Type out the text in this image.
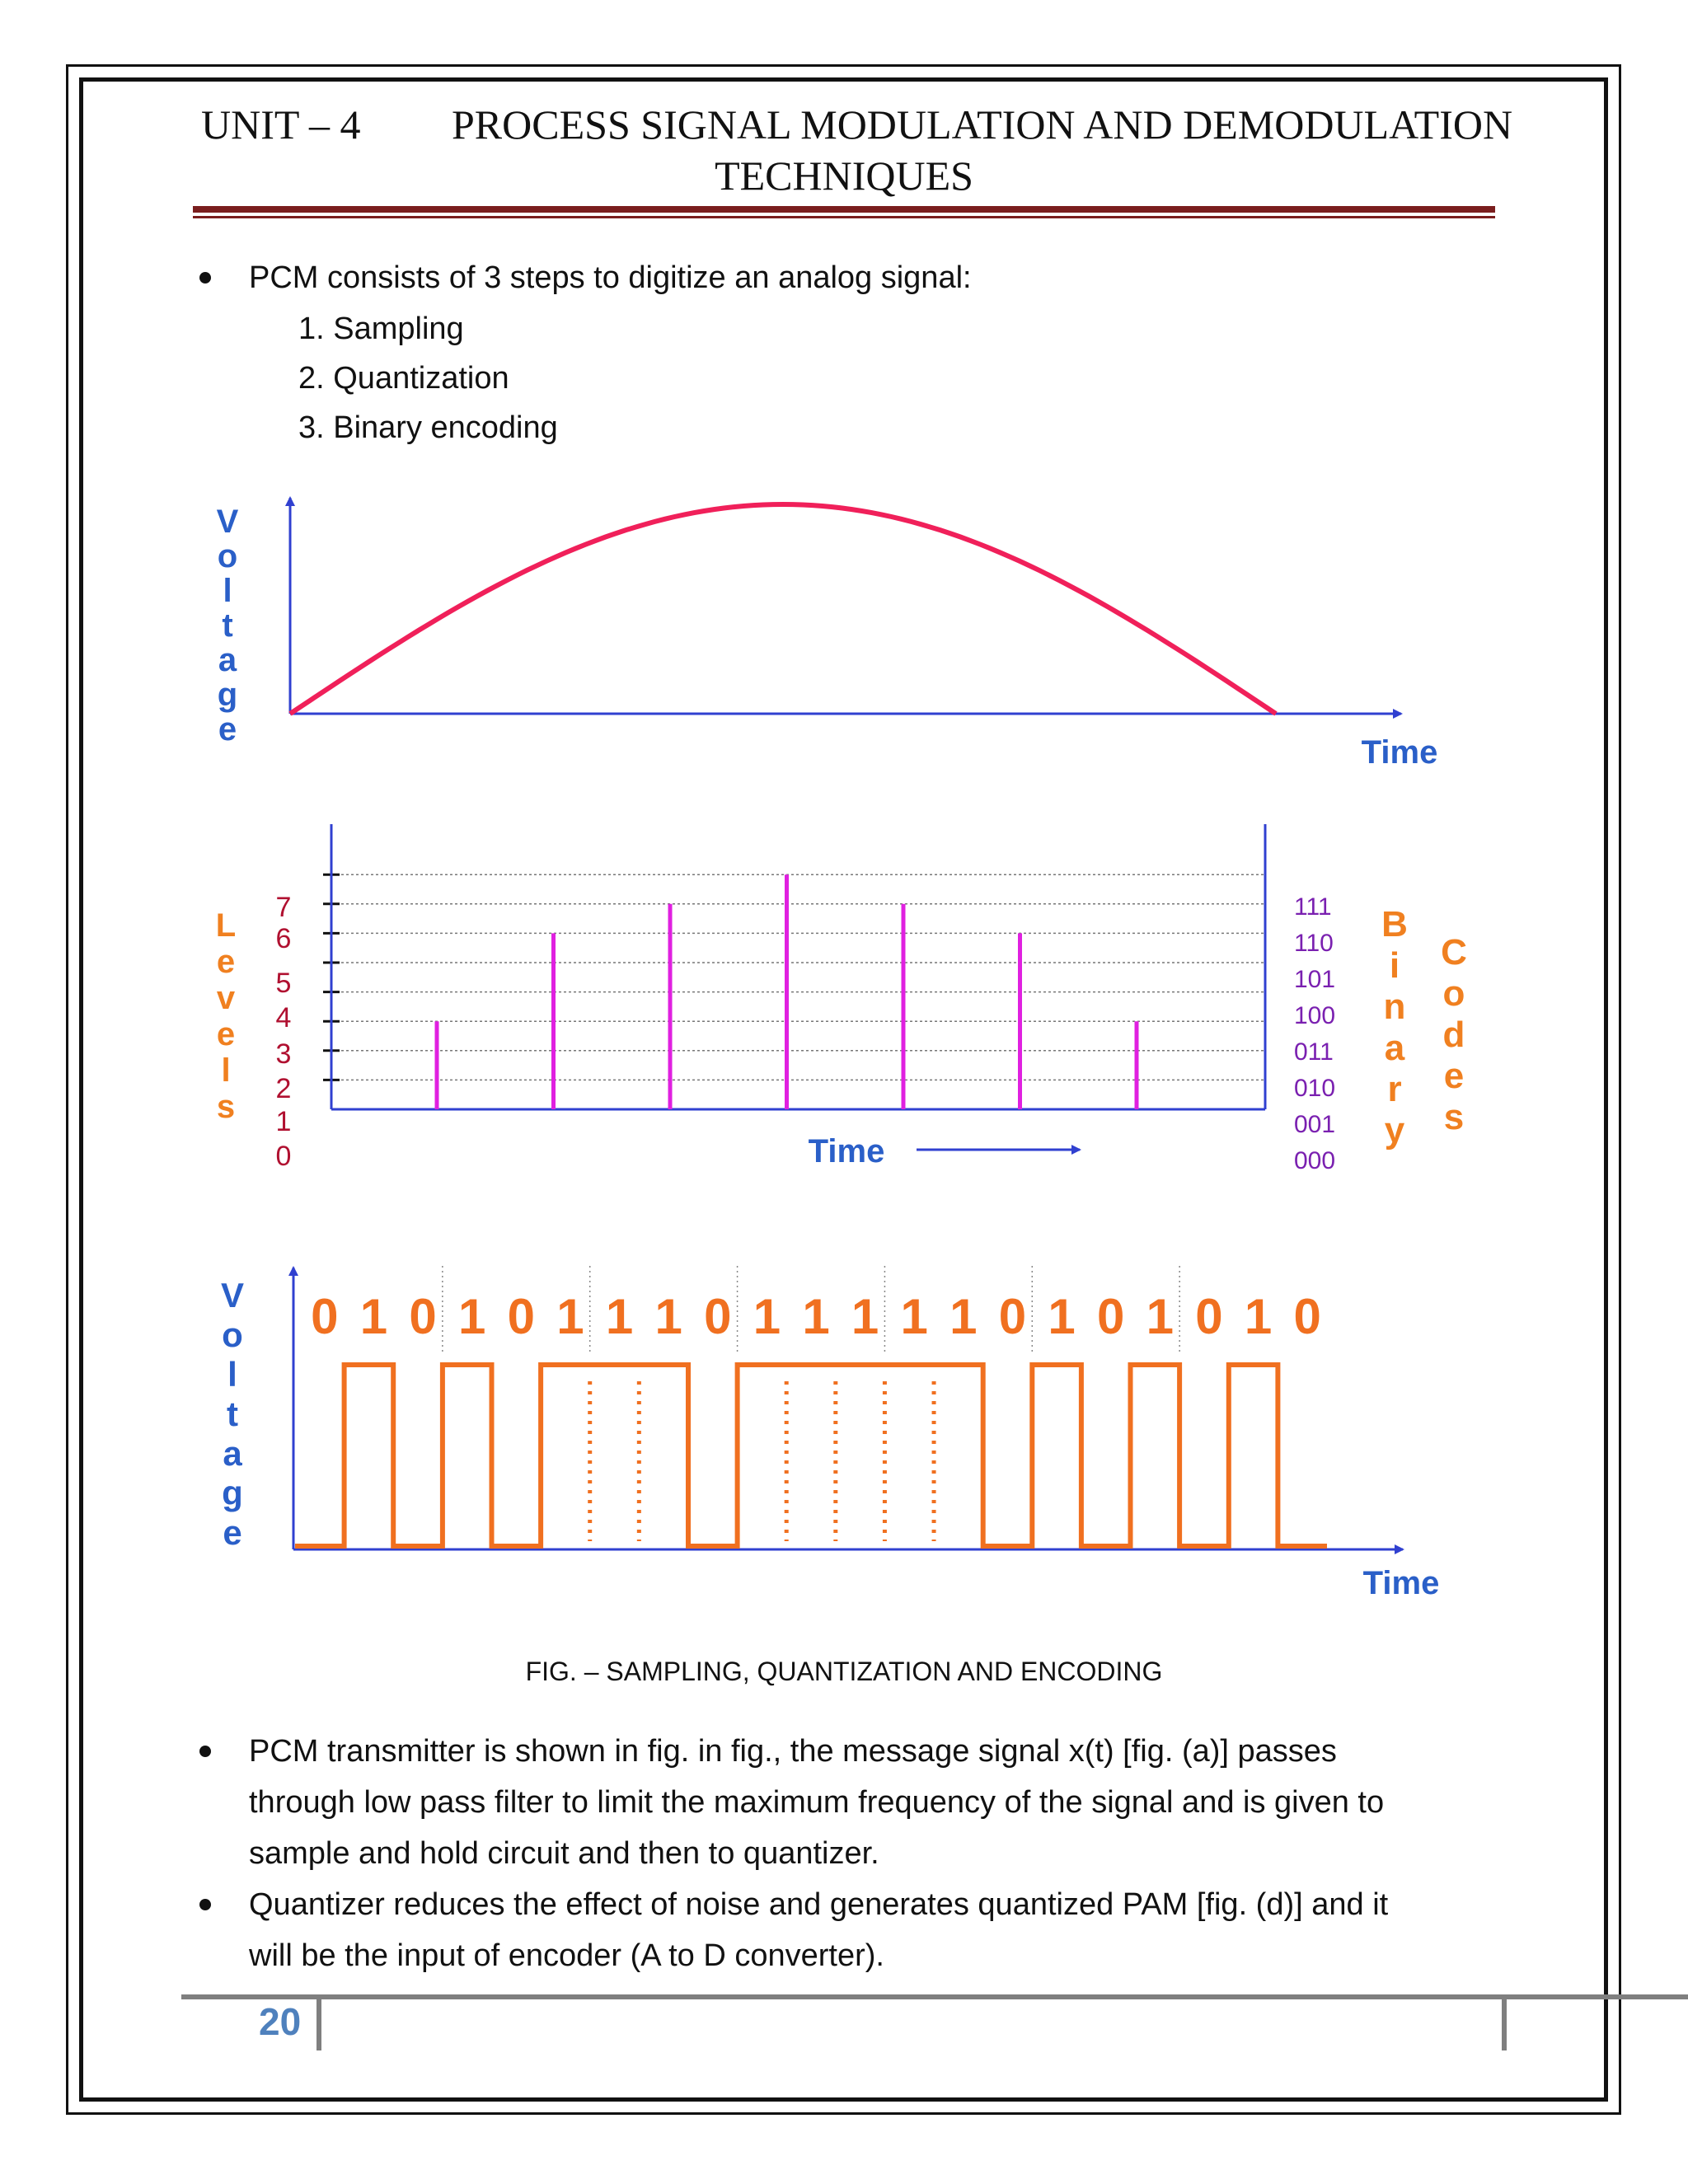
UNIT – 4 PROCESS SIGNAL MODULATION AND DEMODULATION
TECHNIQUES
PCM consists of 3 steps to digitize an analog signal:
1. Sampling
2. Quantization
3. Binary encoding
V
o
l
t
a
g
e
Time
7
6
5
4
3
2
1
0
111
110
101
100
011
010
001
000
L
e
v
e
l
s
B
i
n
a
r
y
C
o
d
e
s
Time
0 1 0 1 0 1 1 1 0 1 1 1 1 1 0 1 0 1 0 1 0
V
o
l
t
a
g
e
Time
FIG. – SAMPLING, QUANTIZATION AND ENCODING
PCM transmitter is shown in fig. in fig., the message signal x(t) [fig. (a)] passes
through low pass filter to limit the maximum frequency of the signal and is given to
sample and hold circuit and then to quantizer.
Quantizer reduces the effect of noise and generates quantized PAM [fig. (d)] and it
will be the input of encoder (A to D converter).
20
